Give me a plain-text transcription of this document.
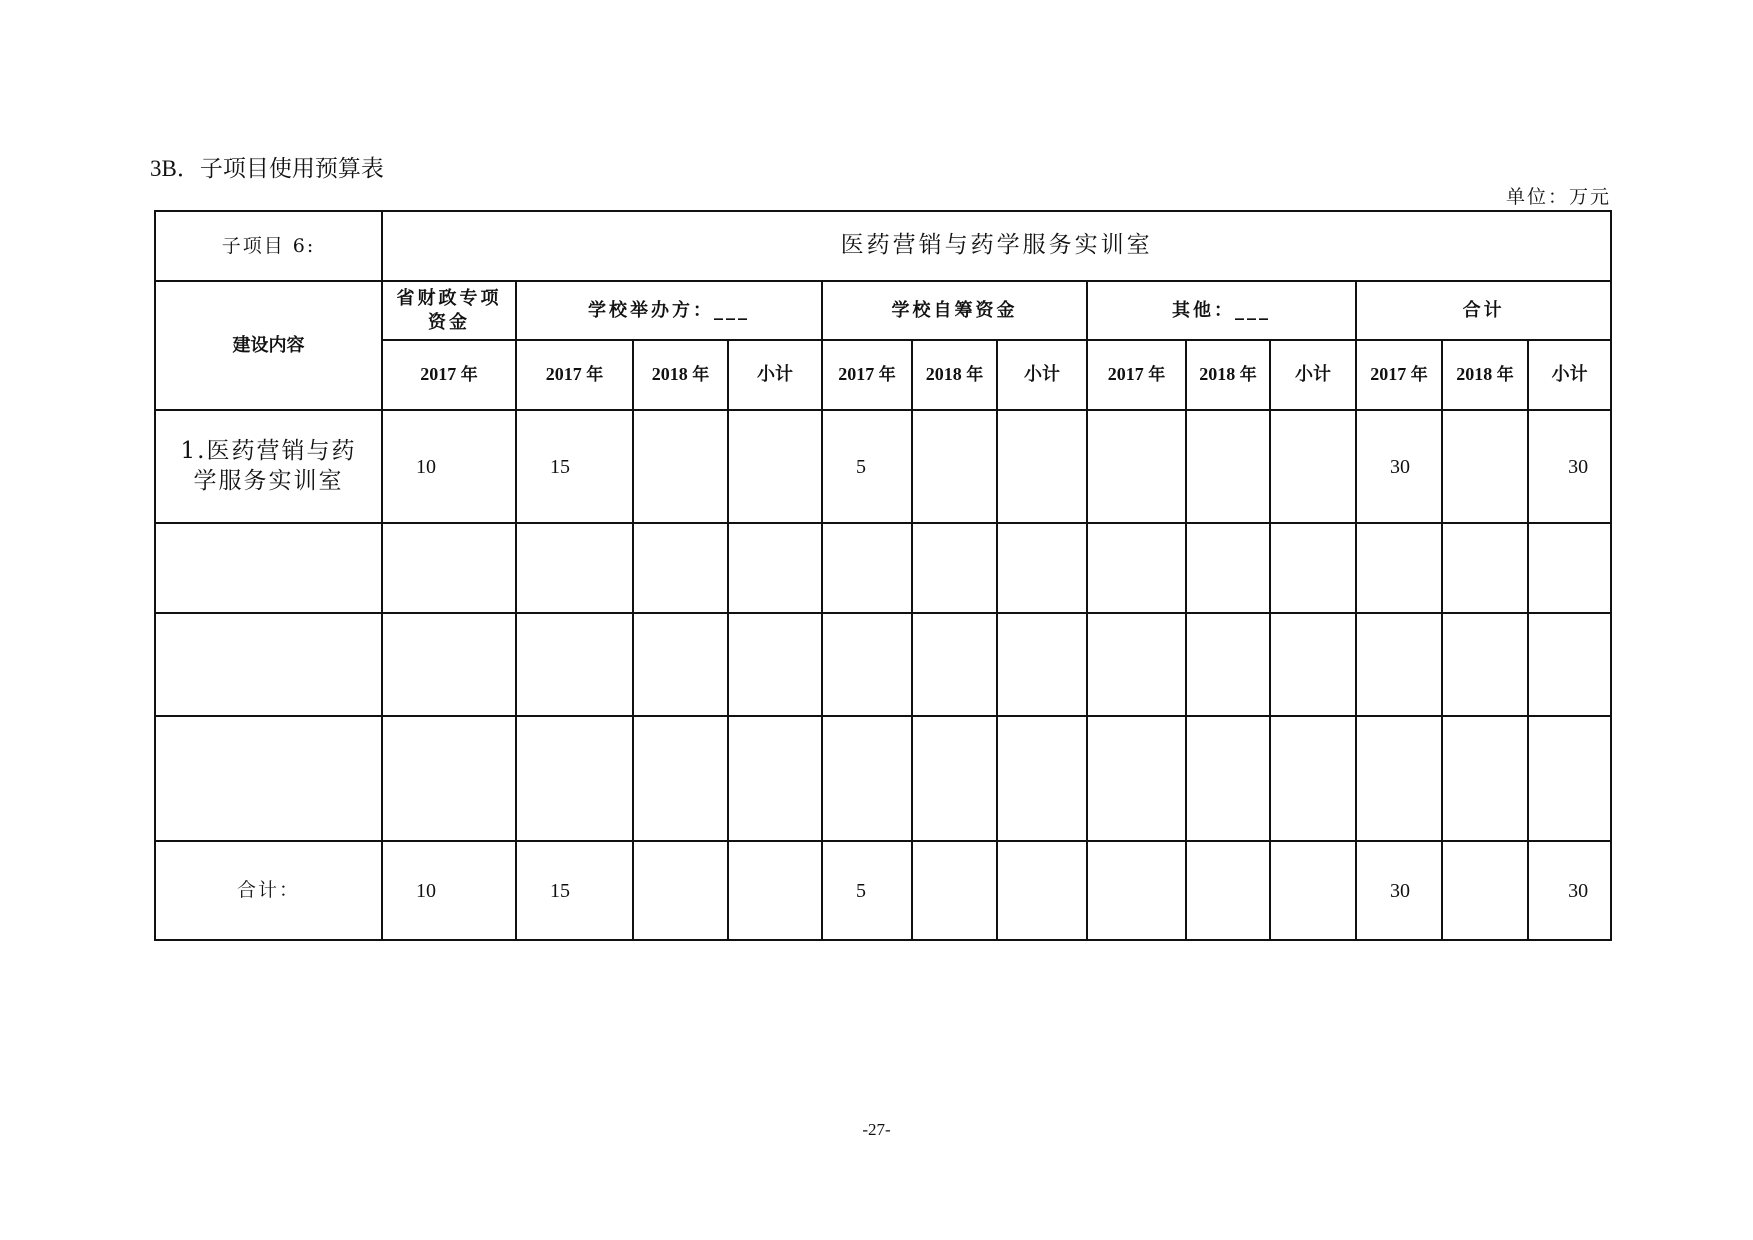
3B．子项目使用预算表
单位：万元
子项目 6:	医药营销与药学服务实训室												
建设内容	省财政专项资金	学校举办方：___			学校自筹资金			其他：___			合计		
	2017 年	2017 年	2018 年	小计	2017 年	2018 年	小计	2017 年	2018 年	小计	2017 年	2018 年	小计
1.医药营销与药学服务实训室	10	15			5						30		30

合计：	10	15			5						30		30
-27-
